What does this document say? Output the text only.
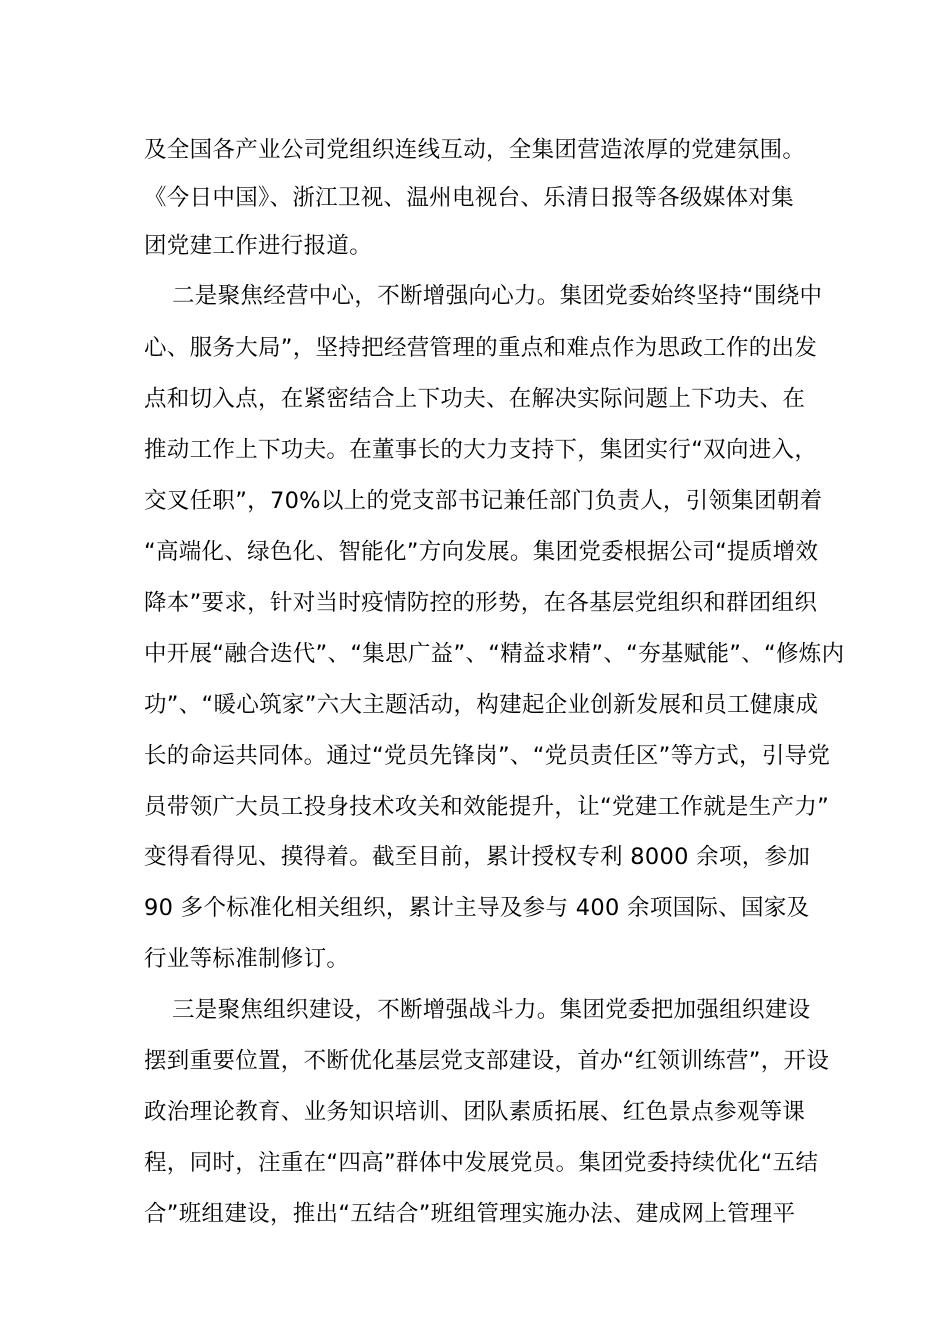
及全国各产业公司党组织连线互动，全集团营造浓厚的党建氛围。
《今日中国》、浙江卫视、温州电视台、乐清日报等各级媒体对集
团党建工作进行报道。
二是聚焦经营中心，不断增强向心力。集团党委始终坚持“围绕中
心、服务大局”，坚持把经营管理的重点和难点作为思政工作的出发
点和切入点，在紧密结合上下功夫、在解决实际问题上下功夫、在
推动工作上下功夫。在董事长的大力支持下，集团实行“双向进入，
交叉任职”，70%以上的党支部书记兼任部门负责人，引领集团朝着
“高端化、绿色化、智能化”方向发展。集团党委根据公司“提质增效
降本”要求，针对当时疫情防控的形势，在各基层党组织和群团组织
中开展“融合迭代”、“集思广益”、“精益求精”、“夯基赋能”、“修炼内
功”、“暖心筑家”六大主题活动，构建起企业创新发展和员工健康成
长的命运共同体。通过“党员先锋岗”、“党员责任区”等方式，引导党
员带领广大员工投身技术攻关和效能提升，让“党建工作就是生产力”
变得看得见、摸得着。截至目前，累计授权专利 8000 余项，参加
90 多个标准化相关组织，累计主导及参与 400 余项国际、国家及
行业等标准制修订。
三是聚焦组织建设，不断增强战斗力。集团党委把加强组织建设
摆到重要位置，不断优化基层党支部建设，首办“红领训练营”，开设
政治理论教育、业务知识培训、团队素质拓展、红色景点参观等课
程，同时，注重在“四高”群体中发展党员。集团党委持续优化“五结
合”班组建设，推出“五结合”班组管理实施办法、建成网上管理平
